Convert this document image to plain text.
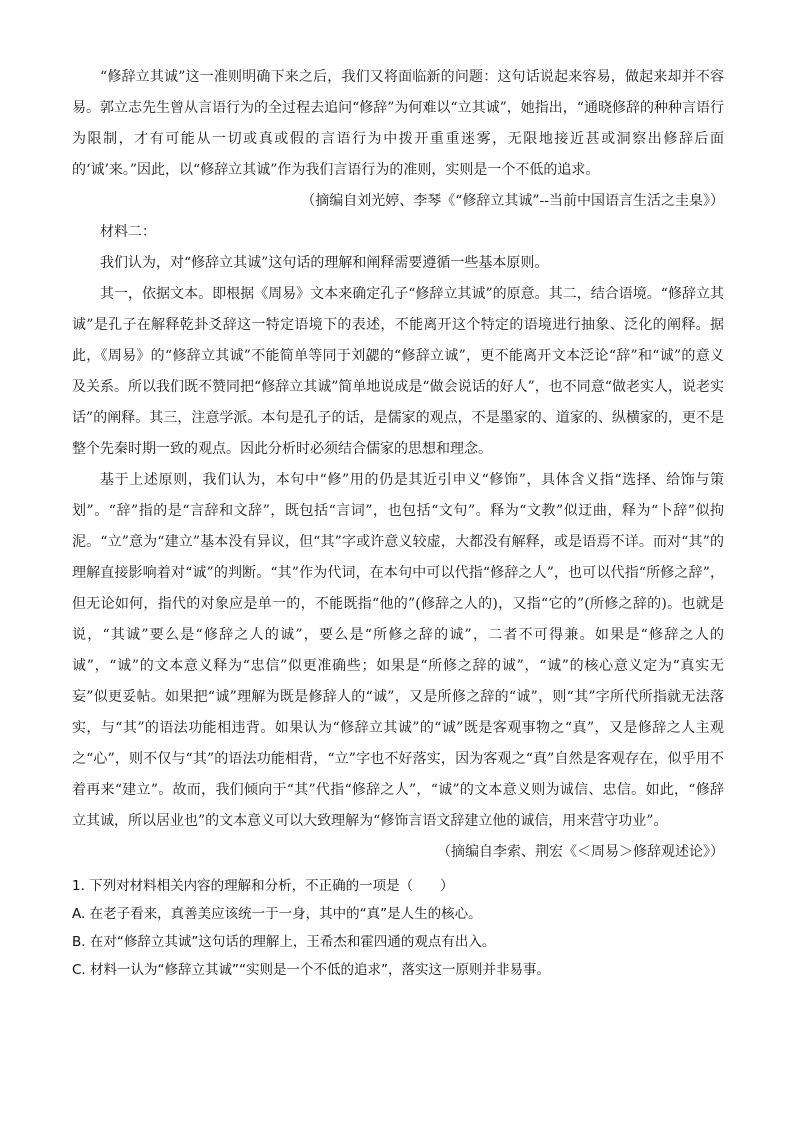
“修辞立其诚”这一准则明确下来之后，我们又将面临新的问题：这句话说起来容易，做起来却并不容易。郭立志先生曾从言语行为的全过程去追问“修辞”为何难以“立其诚”，她指出，“通晓修辞的种种言语行为限制，才有可能从一切或真或假的言语行为中拨开重重迷雾，无限地接近甚或洞察出修辞后面的‘诚’来。”因此，以“修辞立其诚”作为我们言语行为的准则，实则是一个不低的追求。

（摘编自刘光婷、李琴《“修辞立其诚”--当前中国语言生活之圭臬》）

材料二：

我们认为，对“修辞立其诚”这句话的理解和阐释需要遵循一些基本原则。

其一，依据文本。即根据《周易》文本来确定孔子“修辞立其诚”的原意。其二，结合语境。“修辞立其诚”是孔子在解释乾卦爻辞这一特定语境下的表述，不能离开这个特定的语境进行抽象、泛化的阐释。据此，《周易》的“修辞立其诚”不能简单等同于刘勰的“修辞立诚”，更不能离开文本泛论“辞”和“诚”的意义及关系。所以我们既不赞同把“修辞立其诚”简单地说成是“做会说话的好人”，也不同意“做老实人，说老实话”的阐释。其三，注意学派。本句是孔子的话，是儒家的观点，不是墨家的、道家的、纵横家的，更不是整个先秦时期一致的观点。因此分析时必须结合儒家的思想和理念。

基于上述原则，我们认为，本句中“修”用的仍是其近引申义“修饰”，具体含义指“选择、给饰与策划”。“辞”指的是“言辞和文辞”，既包括“言词”，也包括“文句”。释为“文教”似迂曲，释为“卜辞”似拘泥。“立”意为“建立”基本没有异议，但“其”字或许意义较虚，大都没有解释，或是语焉不详。而对“其”的理解直接影响着对“诚”的判断。“其”作为代词，在本句中可以代指“修辞之人”，也可以代指“所修之辞”，但无论如何，指代的对象应是单一的，不能既指“他的”(修辞之人的)，又指“它的”(所修之辞的)。也就是说，“其诚”要么是“修辞之人的诚”，要么是“所修之辞的诚”，二者不可得兼。如果是“修辞之人的诚”，“诚”的文本意义释为“忠信”似更准确些；如果是“所修之辞的诚”，“诚”的核心意义定为“真实无妄”似更妥帖。如果把“诚”理解为既是修辞人的“诚”，又是所修之辞的“诚”，则“其”字所代所指就无法落实，与“其”的语法功能相违背。如果认为“修辞立其诚”的“诚”既是客观事物之“真”，又是修辞之人主观之“心”，则不仅与“其”的语法功能相背，“立”字也不好落实，因为客观之“真”自然是客观存在，似乎用不着再来“建立”。故而，我们倾向于“其”代指“修辞之人”，“诚”的文本意义则为诚信、忠信。如此，“修辞立其诚，所以居业也”的文本意义可以大致理解为“修饰言语文辞建立他的诚信，用来营守功业”。

（摘编自李索、荆宏《＜周易＞修辞观述论》）

1. 下列对材料相关内容的理解和分析，不正确的一项是（　　）

A. 在老子看来，真善美应该统一于一身，其中的“真”是人生的核心。

B. 在对“修辞立其诚”这句话的理解上，王希杰和霍四通的观点有出入。

C. 材料一认为“修辞立其诚”“实则是一个不低的追求”，落实这一原则并非易事。
